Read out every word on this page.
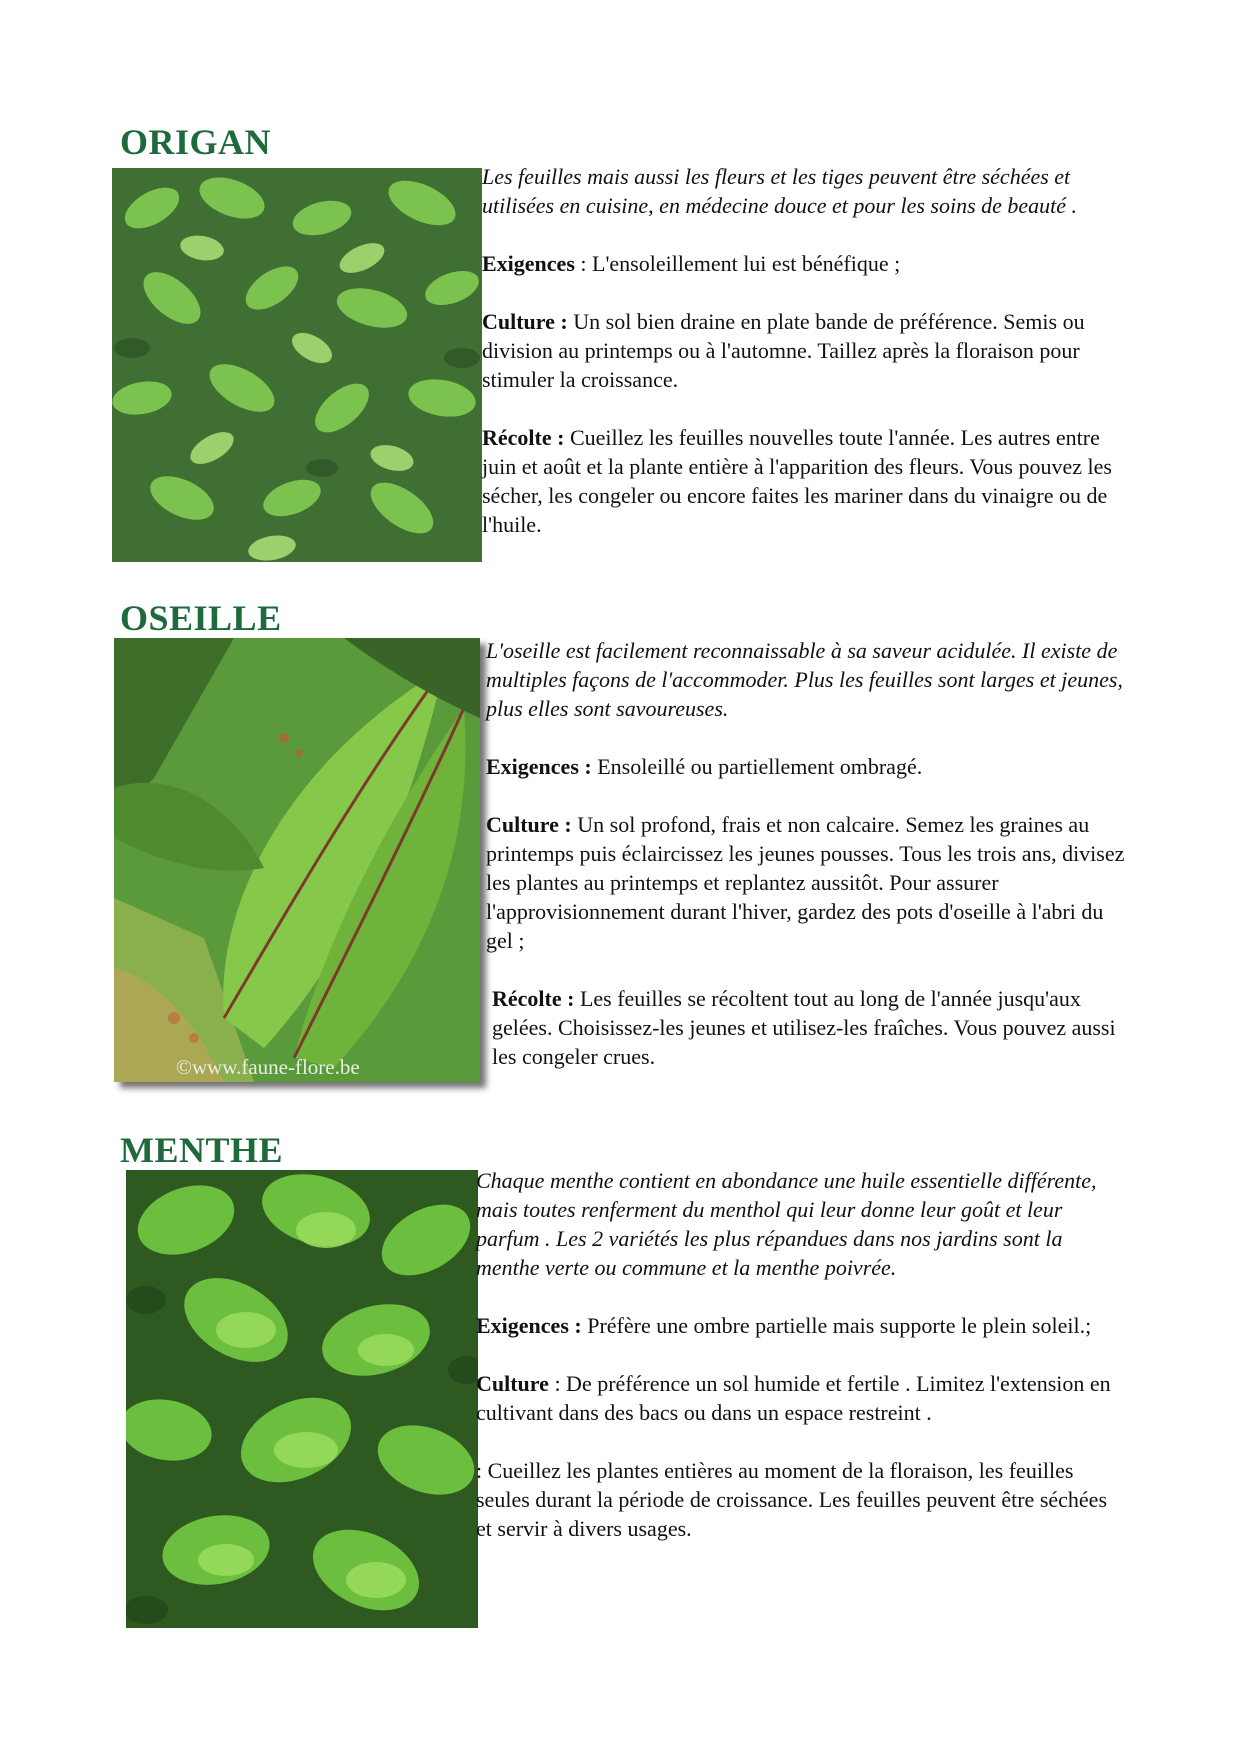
ORIGAN

Les feuilles mais aussi les fleurs et les tiges peuvent être séchées et utilisées en cuisine, en médecine douce et pour les soins de beauté .

Exigences : L'ensoleillement lui est bénéfique ;

Culture : Un sol bien draine en plate bande de préférence. Semis ou division au printemps ou à l'automne. Taillez après la floraison pour stimuler la croissance.

Récolte : Cueillez les feuilles nouvelles toute l'année. Les autres entre juin et août et la plante entière à l'apparition des fleurs. Vous pouvez les sécher, les congeler ou encore faites les mariner dans du vinaigre ou de l'huile.

OSEILLE
©www.faune-flore.be

L'oseille est facilement reconnaissable à sa saveur acidulée. Il existe de multiples façons de l'accommoder. Plus les feuilles sont larges et jeunes, plus elles sont savoureuses.

Exigences : Ensoleillé ou partiellement ombragé.

Culture : Un sol profond, frais et non calcaire. Semez les graines au printemps puis éclaircissez les jeunes pousses. Tous les trois ans, divisez les plantes au printemps et replantez aussitôt. Pour assurer l'approvisionnement durant l'hiver, gardez des pots d'oseille à l'abri du gel ;

Récolte : Les feuilles se récoltent tout au long de l'année jusqu'aux gelées. Choisissez-les jeunes et utilisez-les fraîches. Vous pouvez aussi les congeler crues.

MENTHE

Chaque menthe contient en abondance une huile essentielle différente, mais toutes renferment du menthol qui leur donne leur goût et leur parfum . Les 2 variétés les plus répandues dans nos jardins sont la menthe verte ou commune et la menthe poivrée.

Exigences : Préfère une ombre partielle mais supporte le plein soleil.;

Culture : De préférence un sol humide et fertile . Limitez l'extension en cultivant dans des bacs ou dans un espace restreint .

: Cueillez les plantes entières au moment de la floraison, les feuilles seules durant la période de croissance. Les feuilles peuvent être séchées et servir à divers usages.
